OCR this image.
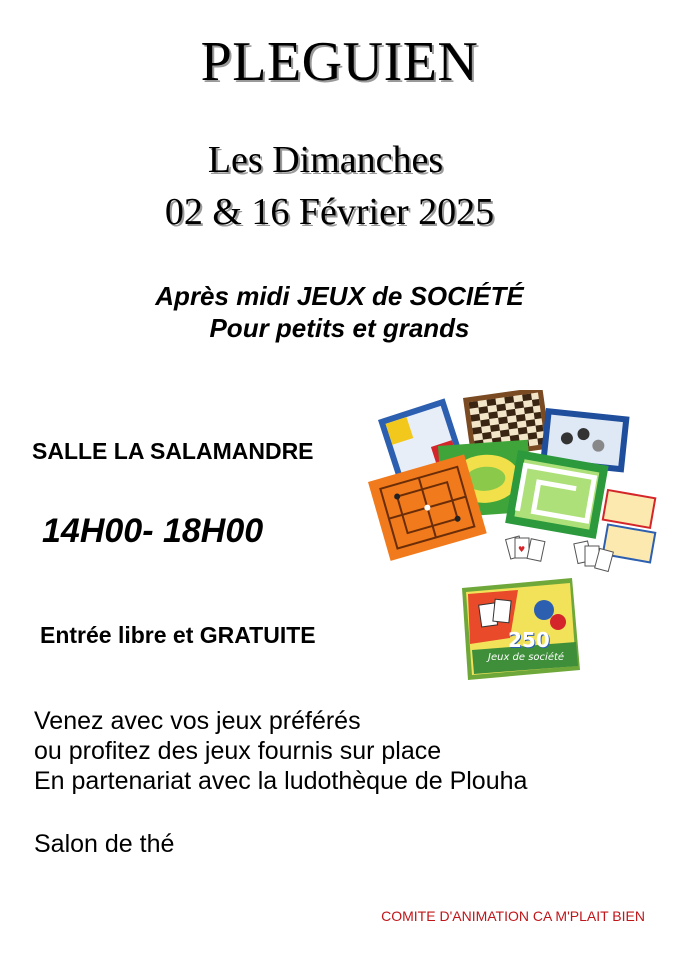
PLEGUIEN
Les Dimanches
02 & 16 Février 2025
Après midi JEUX de SOCIÉTÉ
Pour petits et grands
SALLE LA SALAMANDRE
14H00- 18H00
Entrée libre et GRATUITE
Venez avec vos jeux préférés
ou profitez des jeux fournis sur place
En partenariat avec la ludothèque de Plouha
Salon de thé
COMITE D'ANIMATION CA M'PLAIT BIEN
♥
250
Jeux de société
